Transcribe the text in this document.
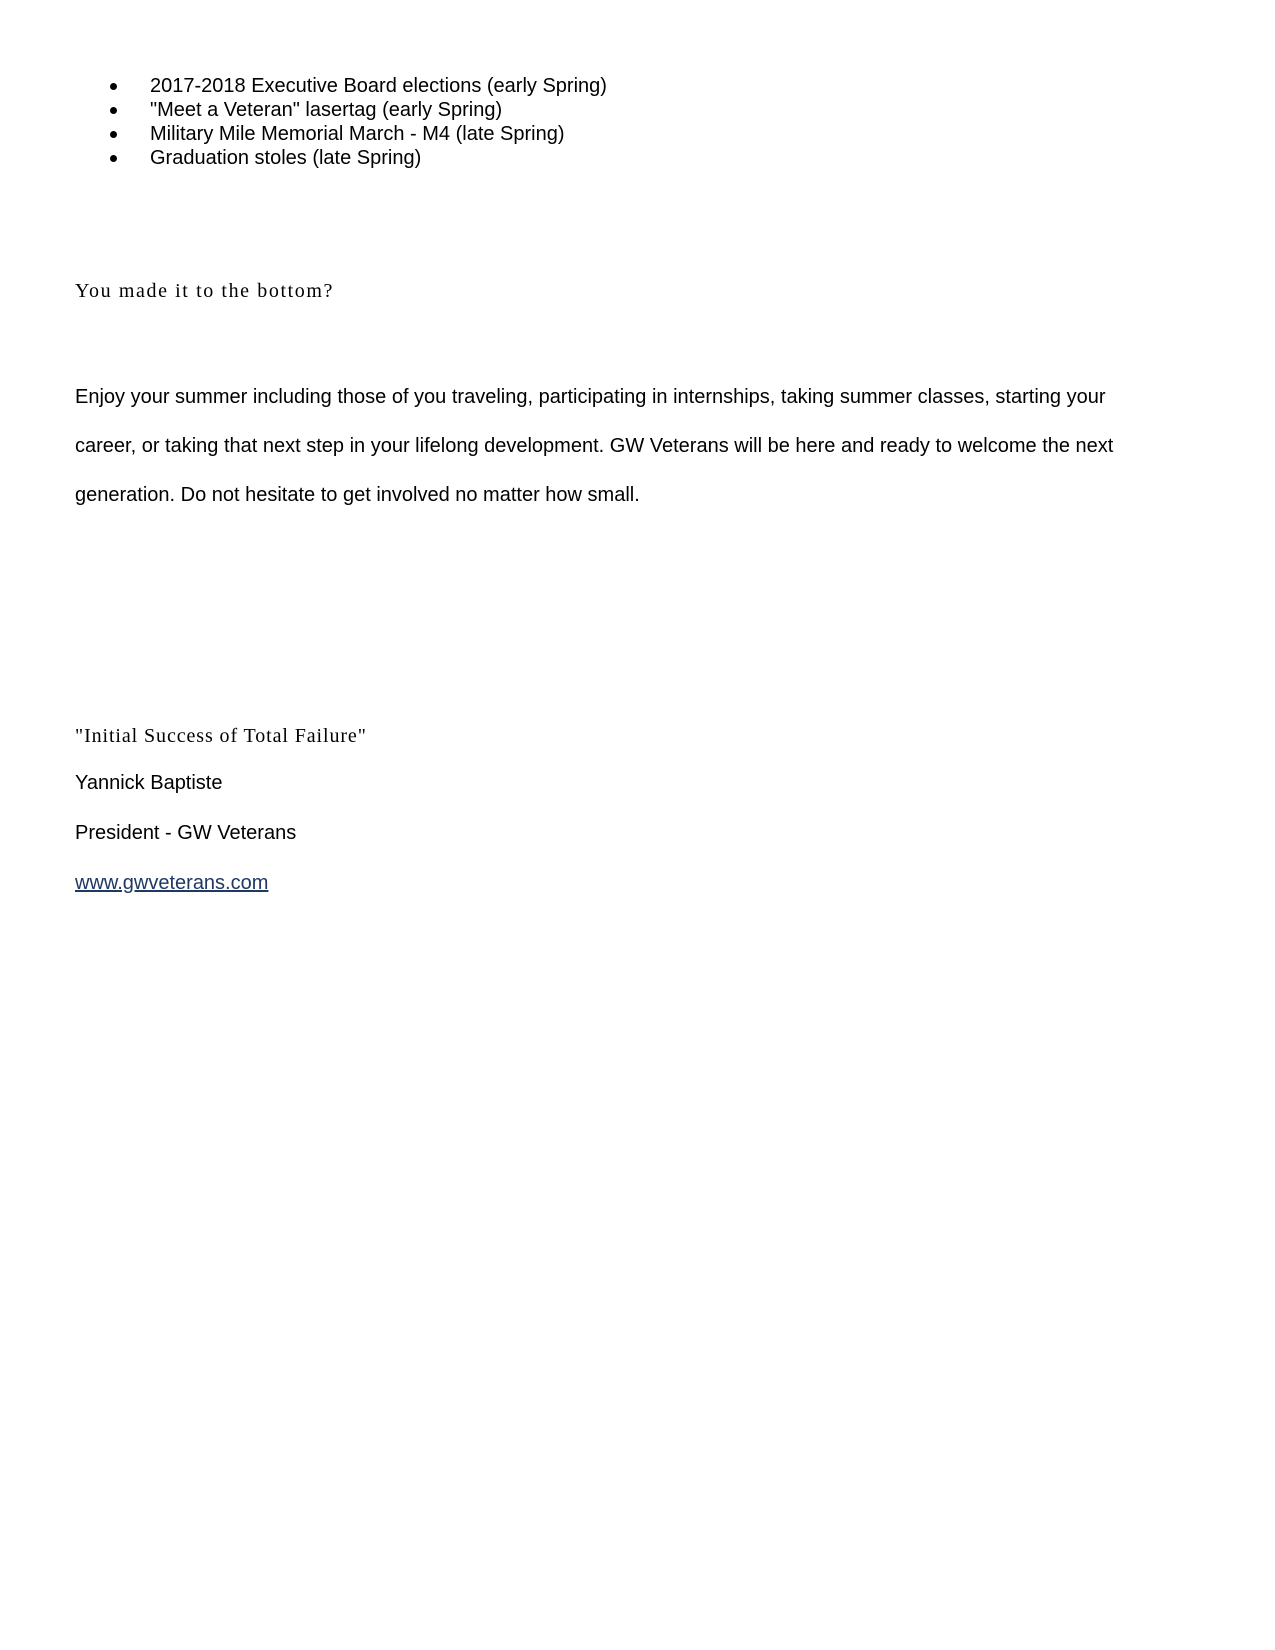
2017-2018 Executive Board elections (early Spring)
"Meet a Veteran" lasertag (early Spring)
Military Mile Memorial March - M4 (late Spring)
Graduation stoles (late Spring)
You made it to the bottom?

Enjoy your summer including those of you traveling, participating in internships, taking summer classes, starting your
career, or taking that next step in your lifelong development. GW Veterans will be here and ready to welcome the next
generation. Do not hesitate to get involved no matter how small.

"Initial Success of Total Failure"
Yannick Baptiste
President - GW Veterans
www.gwveterans.com
